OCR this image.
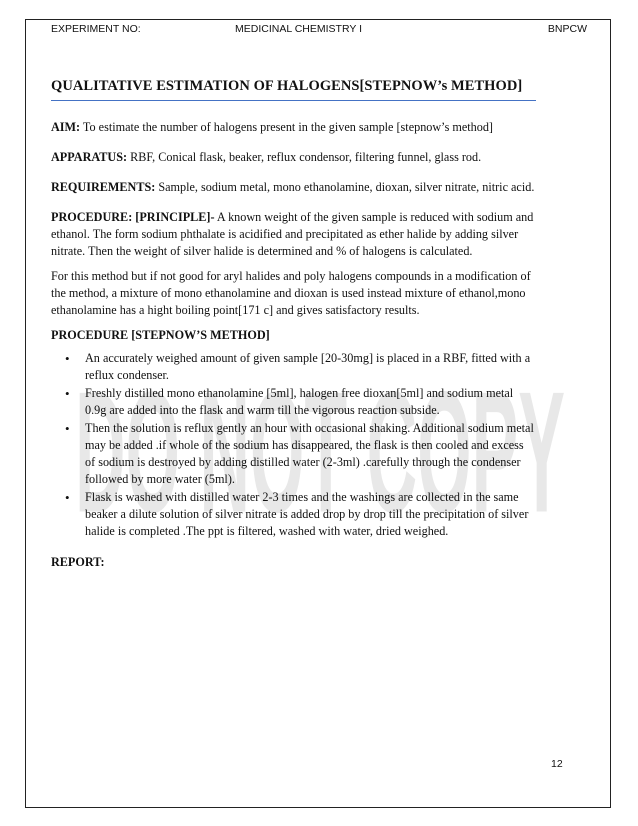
EXPERIMENT NO:	MEDICINAL CHEMISTRY I	BNPCW
DO NOT COPY
QUALITATIVE ESTIMATION OF HALOGENS[STEPNOW’s METHOD]

AIM: To estimate the number of halogens present in the given sample [stepnow’s method]

APPARATUS: RBF, Conical flask, beaker, reflux condensor, filtering funnel, glass rod.

REQUIREMENTS: Sample, sodium metal, mono ethanolamine, dioxan, silver nitrate, nitric acid.

PROCEDURE: [PRINCIPLE]- A known weight of the given sample is reduced with sodium and ethanol. The form sodium phthalate is acidified and precipitated as ether halide by adding silver nitrate. Then the weight of silver halide is determined and % of halogens is calculated.

For this method but if not good for aryl halides and poly halogens compounds in a modification of the method, a mixture of mono ethanolamine and dioxan is used instead mixture of ethanol,mono ethanolamine has a hight boiling point[171 c] and gives satisfactory results.

PROCEDURE [STEPNOW’S METHOD]

• An accurately weighed amount of given sample [20-30mg] is placed in a RBF, fitted with a reflux condenser.
• Freshly distilled mono ethanolamine [5ml], halogen free dioxan[5ml] and sodium metal 0.9g are added into the flask and warm till the vigorous reaction subside.
• Then the solution is reflux gently an hour with occasional shaking. Additional sodium metal may be added .if whole of the sodium has disappeared, the flask is then cooled and excess of sodium is destroyed by adding distilled water (2-3ml) .carefully through the condenser followed by more water (5ml).
• Flask is washed with distilled water 2-3 times and the washings are collected in the same beaker a dilute solution of silver nitrate is added drop by drop till the precipitation of silver halide is completed .The ppt is filtered, washed with water, dried weighed.

REPORT:

12
